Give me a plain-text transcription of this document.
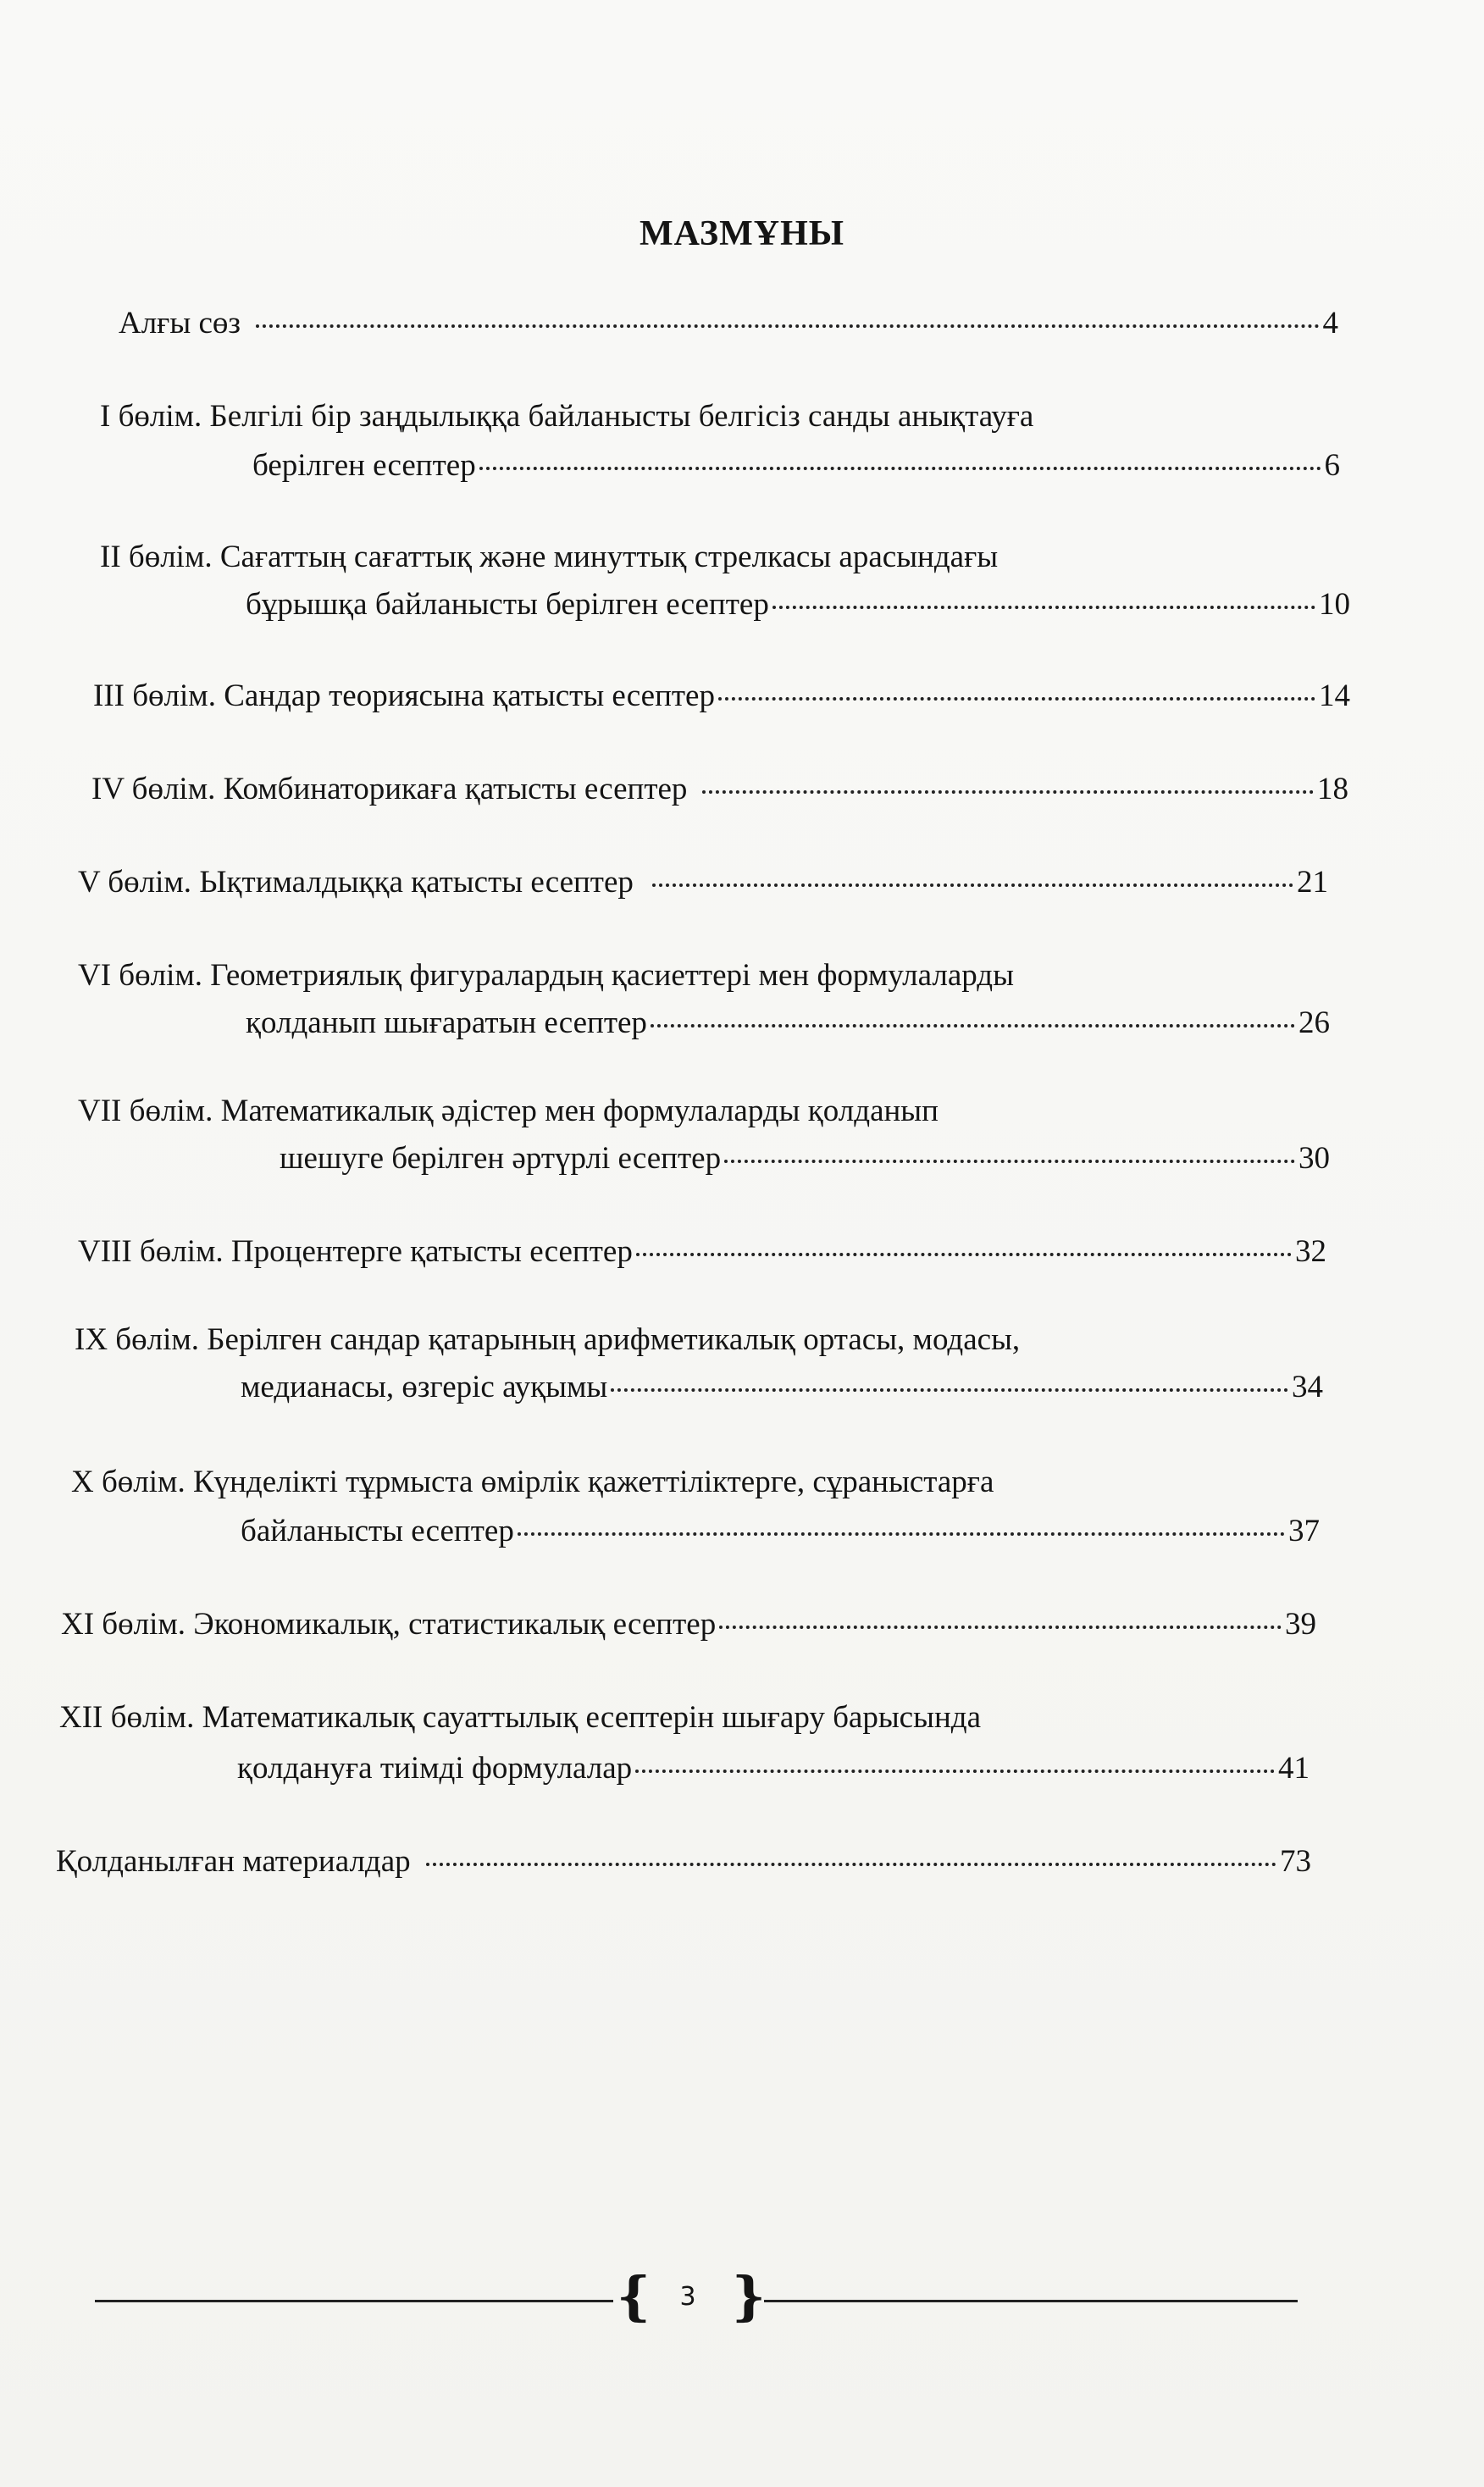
МАЗМҰНЫ
Алғы сөз	4
І бөлім. Белгілі бір заңдылыққа байланысты белгісіз санды анықтауға
берілген есептер	6
II бөлім. Сағаттың сағаттық және минуттық стрелкасы арасындағы
бұрышқа байланысты берілген есептер	10
III бөлім. Сандар теориясына қатысты есептер	14
IV бөлім. Комбинаторикаға қатысты есептер	18
V бөлім. Ықтималдыққа қатысты есептер	21
VI бөлім. Геометриялық фигуралардың қасиеттері мен формулаларды
қолданып шығаратын есептер	26
VII бөлім. Математикалық әдістер мен формулаларды қолданып
шешуге берілген әртүрлі есептер	30
VIII бөлім. Процентерге қатысты есептер	32
IX бөлім. Берілген сандар қатарының арифметикалық ортасы, модасы,
медианасы, өзгеріс ауқымы	34
X бөлім. Күнделікті тұрмыста өмірлік қажеттіліктерге, сұраныстарға
байланысты есептер	37
XI бөлім. Экономикалық, статистикалық есептер	39
XII бөлім. Математикалық сауаттылық есептерін шығару барысында
қолдануға тиімді формулалар	41
Қолданылған материалдар	73
{	3 }
